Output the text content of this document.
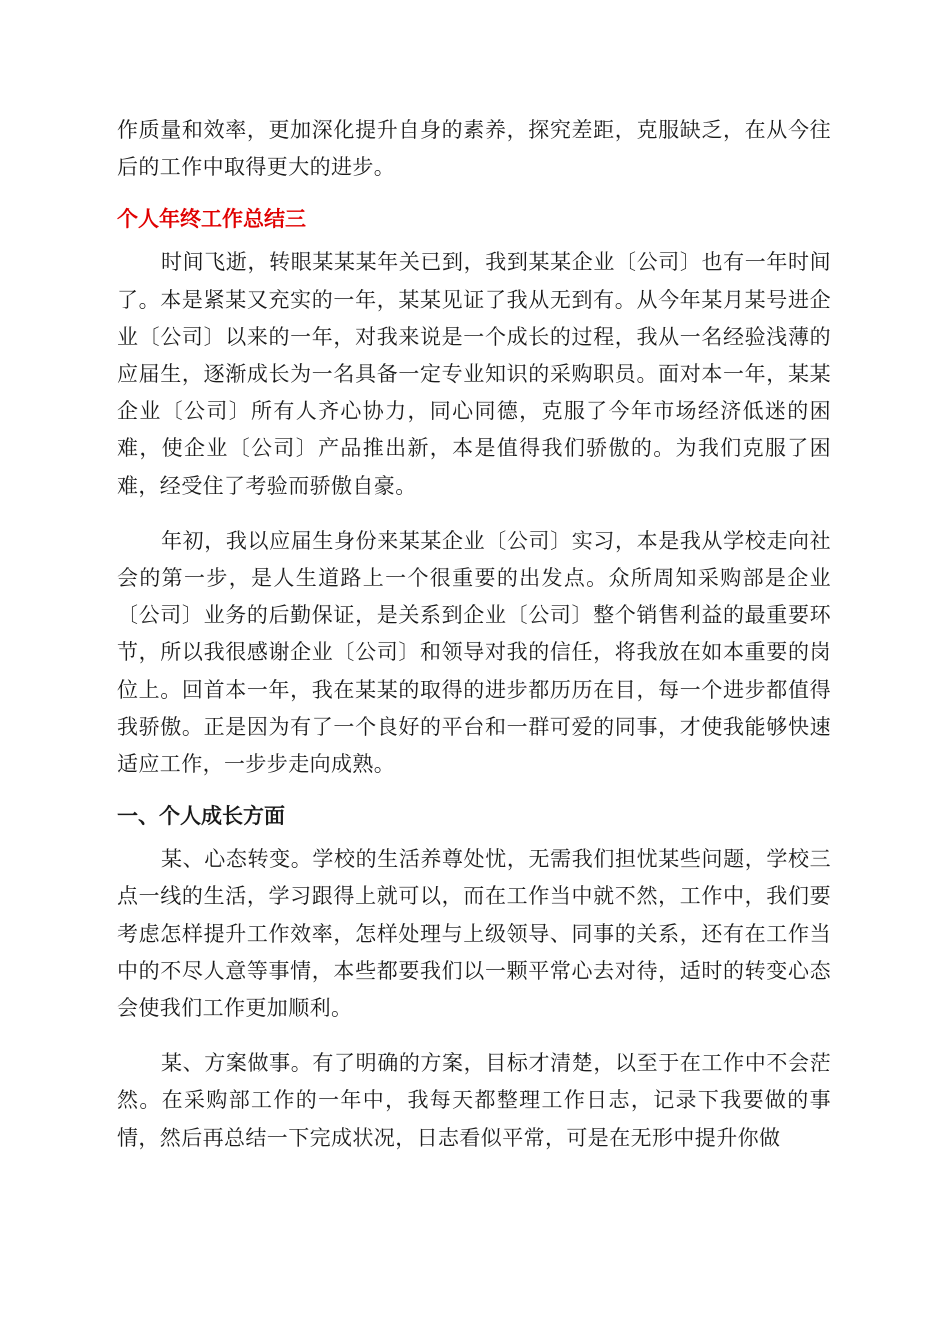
作质量和效率，更加深化提升自身的素养，探究差距，克服缺乏，在从今往后的工作中取得更大的进步。

个人年终工作总结三

时间飞逝，转眼某某某年关已到，我到某某企业〔公司〕也有一年时间了。本是紧某又充实的一年，某某见证了我从无到有。从今年某月某号进企业〔公司〕以来的一年，对我来说是一个成长的过程，我从一名经验浅薄的应届生，逐渐成长为一名具备一定专业知识的采购职员。面对本一年，某某企业〔公司〕所有人齐心协力，同心同德，克服了今年市场经济低迷的困难，使企业〔公司〕产品推出新，本是值得我们骄傲的。为我们克服了困难，经受住了考验而骄傲自豪。

年初，我以应届生身份来某某企业〔公司〕实习，本是我从学校走向社会的第一步，是人生道路上一个很重要的出发点。众所周知采购部是企业〔公司〕业务的后勤保证，是关系到企业〔公司〕整个销售利益的最重要环节，所以我很感谢企业〔公司〕和领导对我的信任，将我放在如本重要的岗位上。回首本一年，我在某某的取得的进步都历历在目，每一个进步都值得我骄傲。正是因为有了一个良好的平台和一群可爱的同事，才使我能够快速适应工作，一步步走向成熟。

一、个人成长方面

某、心态转变。学校的生活养尊处忧，无需我们担忧某些问题，学校三点一线的生活，学习跟得上就可以，而在工作当中就不然，工作中，我们要考虑怎样提升工作效率，怎样处理与上级领导、同事的关系，还有在工作当中的不尽人意等事情，本些都要我们以一颗平常心去对待，适时的转变心态会使我们工作更加顺利。

某、方案做事。有了明确的方案，目标才清楚，以至于在工作中不会茫然。在采购部工作的一年中，我每天都整理工作日志，记录下我要做的事情，然后再总结一下完成状况，日志看似平常，可是在无形中提升你做
